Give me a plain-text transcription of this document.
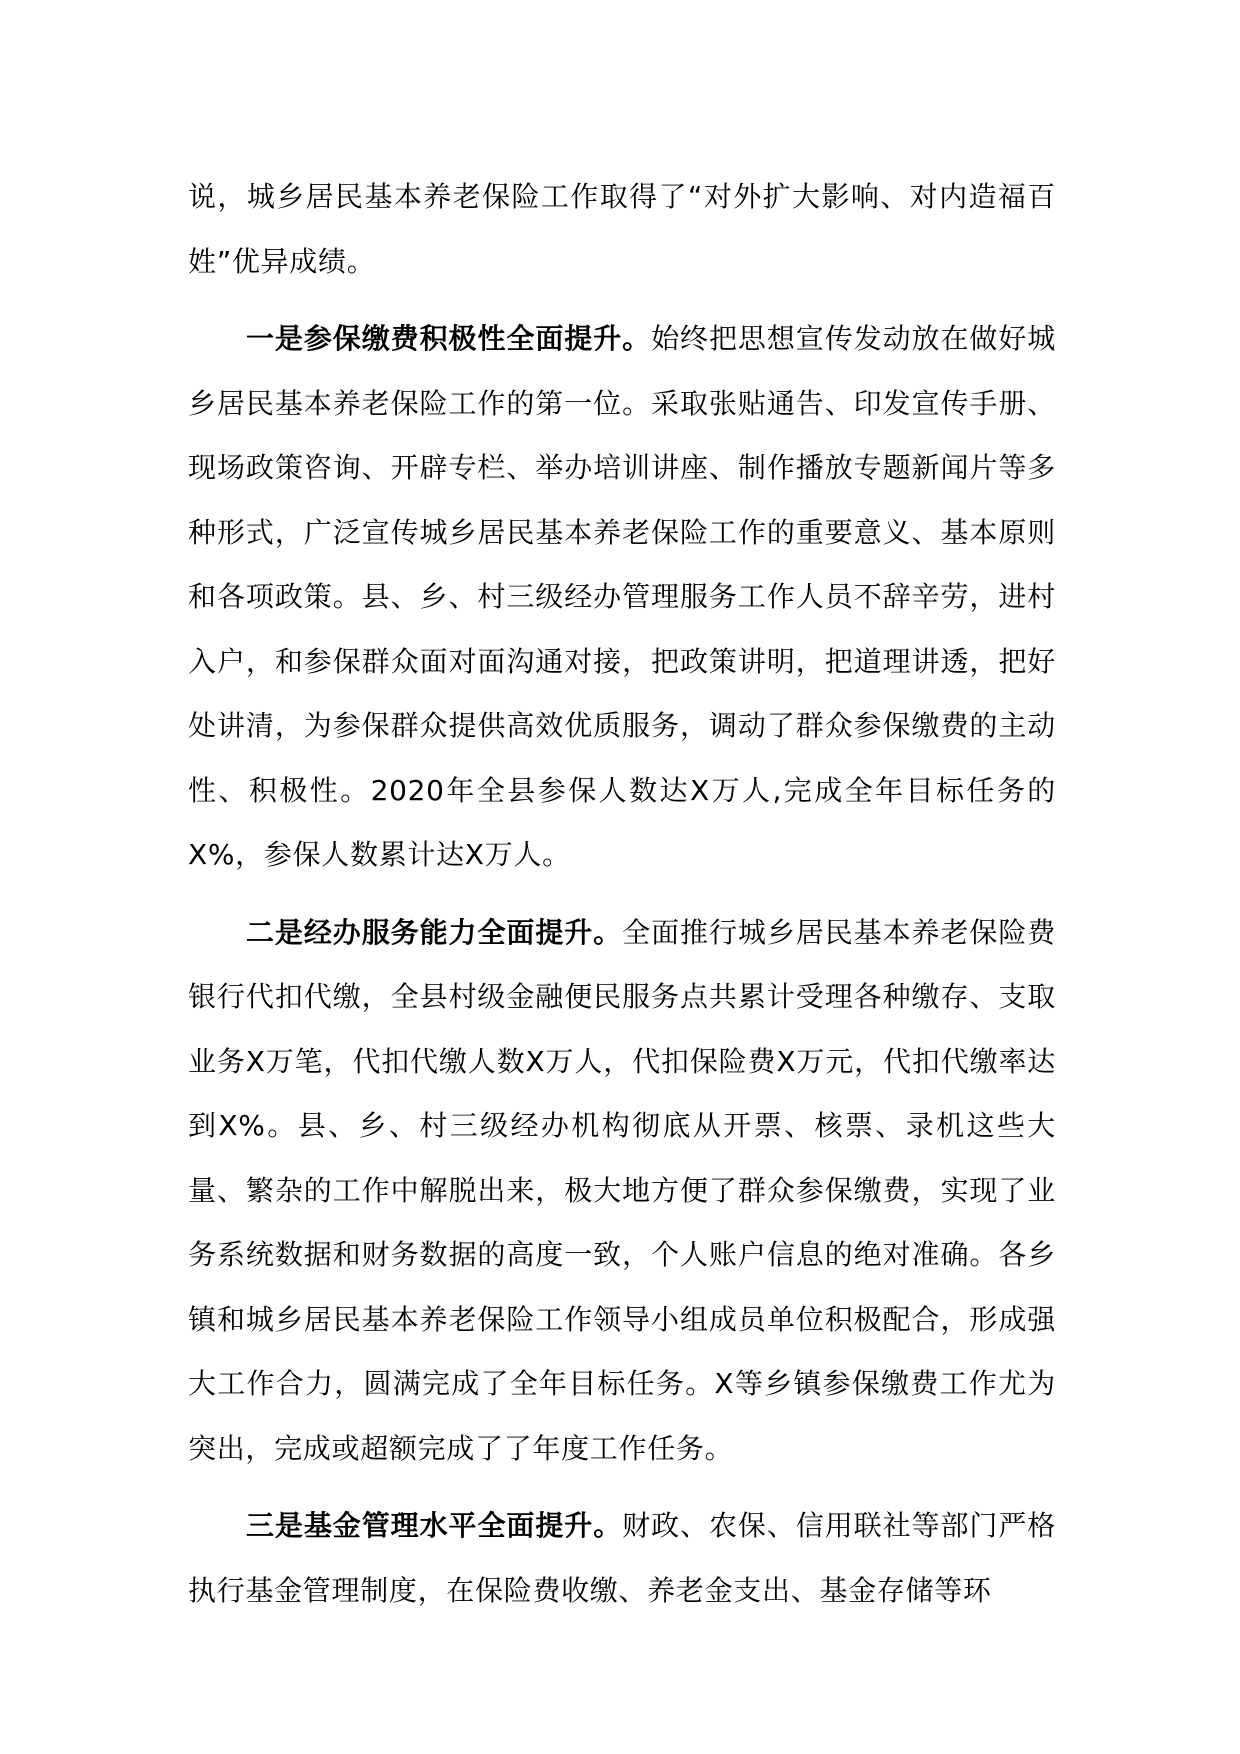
说，城乡居民基本养老保险工作取得了“对外扩大影响、对内造福百姓”优异成绩。

一是参保缴费积极性全面提升。始终把思想宣传发动放在做好城乡居民基本养老保险工作的第一位。采取张贴通告、印发宣传手册、现场政策咨询、开辟专栏、举办培训讲座、制作播放专题新闻片等多种形式，广泛宣传城乡居民基本养老保险工作的重要意义、基本原则和各项政策。县、乡、村三级经办管理服务工作人员不辞辛劳，进村入户，和参保群众面对面沟通对接，把政策讲明，把道理讲透，把好处讲清，为参保群众提供高效优质服务，调动了群众参保缴费的主动性、积极性。2020年全县参保人数达X万人,完成全年目标任务的X%，参保人数累计达X万人。

二是经办服务能力全面提升。全面推行城乡居民基本养老保险费银行代扣代缴，全县村级金融便民服务点共累计受理各种缴存、支取业务X万笔，代扣代缴人数X万人，代扣保险费X万元，代扣代缴率达到X%。县、乡、村三级经办机构彻底从开票、核票、录机这些大量、繁杂的工作中解脱出来，极大地方便了群众参保缴费，实现了业务系统数据和财务数据的高度一致，个人账户信息的绝对准确。各乡镇和城乡居民基本养老保险工作领导小组成员单位积极配合，形成强大工作合力，圆满完成了全年目标任务。X等乡镇参保缴费工作尤为突出，完成或超额完成了了年度工作任务。

三是基金管理水平全面提升。财政、农保、信用联社等部门严格执行基金管理制度，在保险费收缴、养老金支出、基金存储等环
